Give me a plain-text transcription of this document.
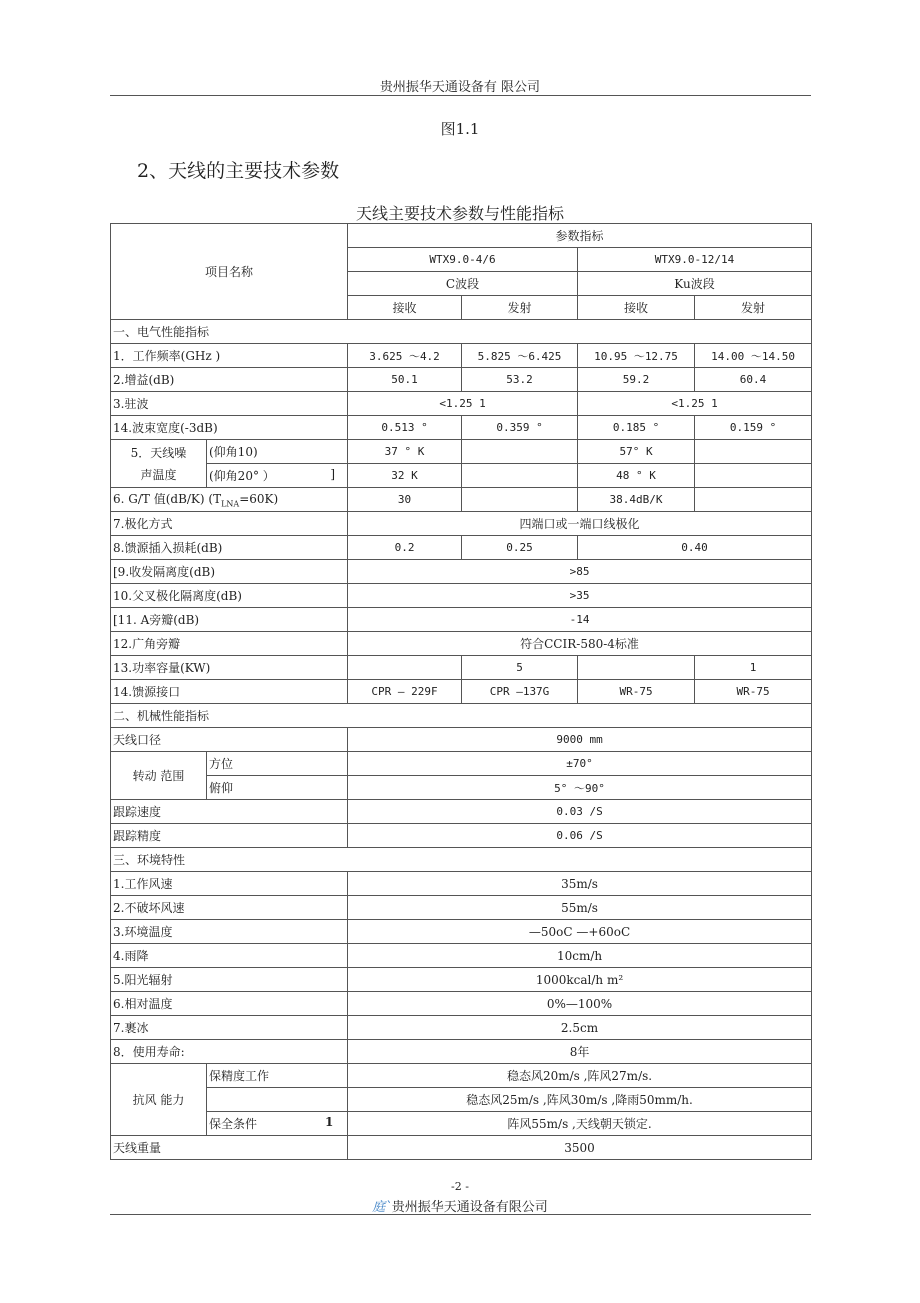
贵州振华天通设备有 限公司
图1.1
2、天线的主要技术参数
天线主要技术参数与性能指标
项目名称		参数指标			
		WTX9.0-4/6		WTX9.0-12/14	
		C波段		Ku波段	
		接收	发射	接收	发射
一、电气性能指标					
1．工作频率(GHz )		3.625 ～4.2	5.825 ～6.425	10.95 ～12.75	14.00 ～14.50
2.增益(dB)		50.1	53.2	59.2	60.4
3.驻波		<1.25 1		<1.25 1	
14.波束宽度(-3dB)		0.513 °	0.359 °	0.185 °	0.159 °
5．天线噪
声温度	(仰角10)	37 ° K		57° K	
	(仰角20° ） ]	32 K		48 ° K	
6. G/T 值(dB/K) $(T_{LNA}=60K)$		30		38.4dB/K	
7.极化方式		四端口或一端口线极化			
8.馈源插入损耗(dB)		0.2	0.25	0.40	
[9.收发隔离度(dB)		>85			
10.父叉极化隔离度(dB)		>35			
[11. A旁瓣(dB)		-14			
12.广角旁瓣		符合CCIR-580-4标准			
13.功率容量(KW)			5		1
14.馈源接口		CPR — 229F	CPR —137G	WR-75	WR-75
二、机械性能指标					
天线口径		9000 mm			
转动 范围	方位	±70°			
	俯仰	5° ～90°			
跟踪速度		0.03 /S			
跟踪精度		0.06 /S			
三、环境特性					
1.工作风速		35m/s			
2.不破坏风速		55m/s			
3.环境温度		—50oC —+60oC			
4.雨降		10cm/h			
5.阳光辐射		1000kcal/h m²			
6.相对温度		0%—100%			
7.裹冰		2.5cm			
8．使用寿命:		8年			
抗风 能力	保精度工作	稳态风20m/s ,阵风27m/s.			
		稳态风25m/s ,阵风30m/s ,降雨50mm/h.			
	保全条件	阵风55m/s ,天线朝天锁定.			
天线重量		3500			
1
-2 -
庭`贵州振华天通设备有限公司
